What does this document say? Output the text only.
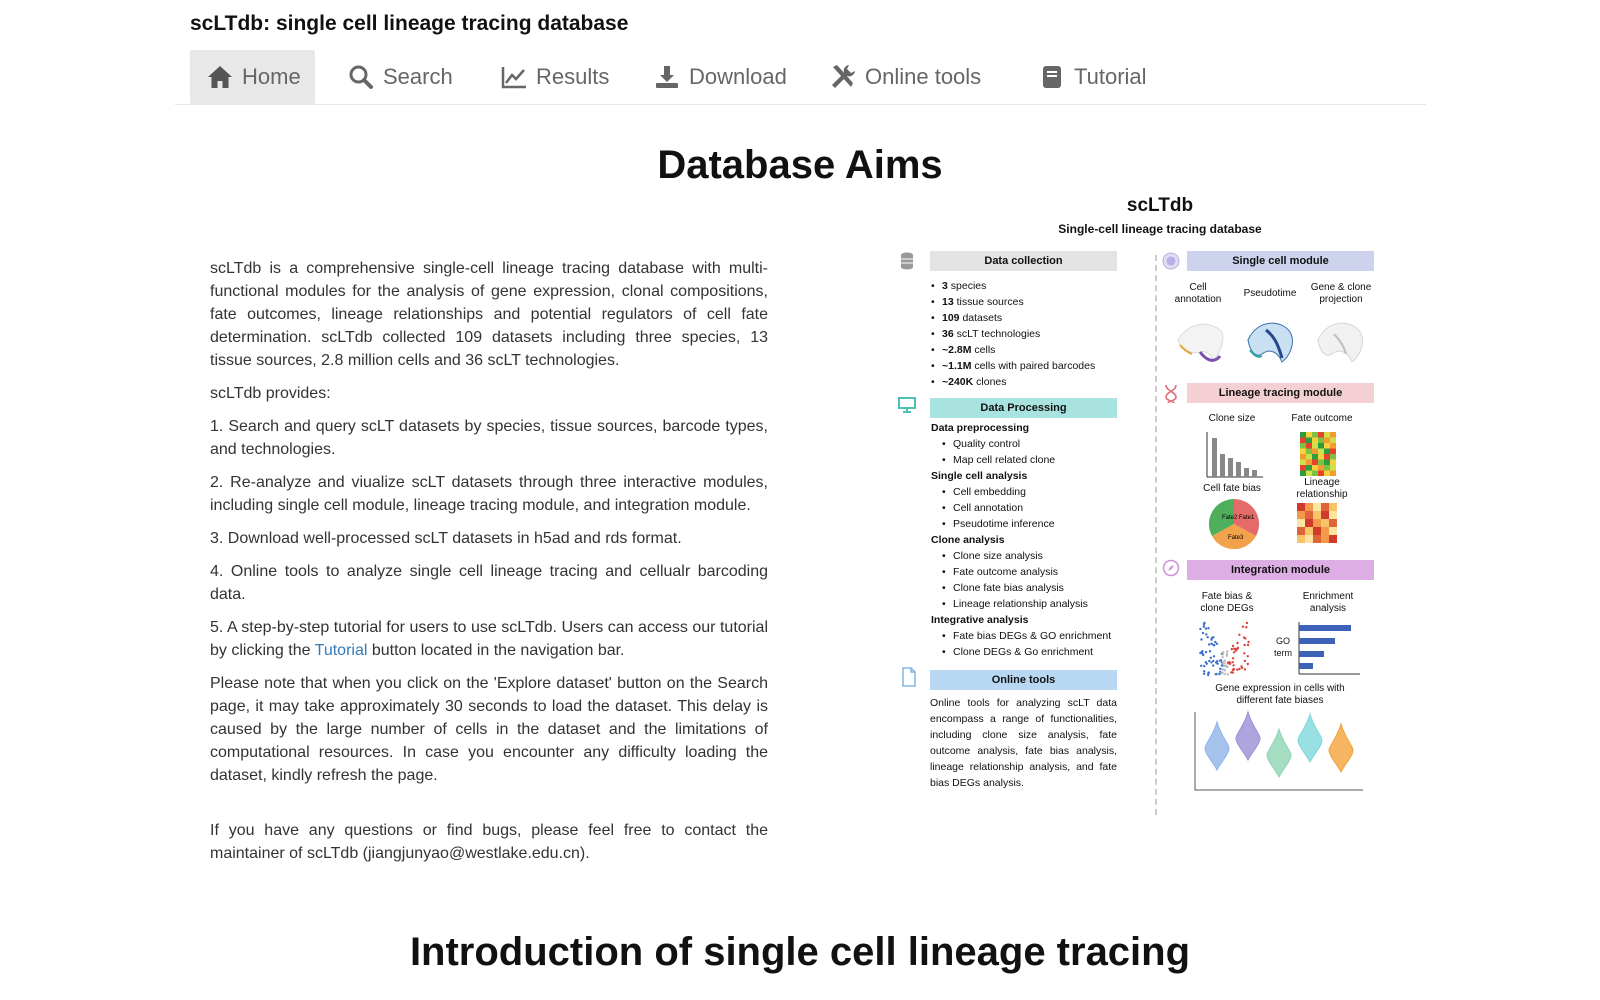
scLTdb: single cell lineage tracing database
Home	Search	Results	Download	Online tools	Tutorial
Database Aims

scLTdb is a comprehensive single-cell lineage tracing database with multi-functional modules for the analysis of gene expression, clonal compositions, fate outcomes, lineage relationships and potential regulators of cell fate determination. scLTdb collected 109 datasets including three species, 13 tissue sources, 2.8 million cells and 36 scLT technologies.

scLTdb provides:

1. Search and query scLT datasets by species, tissue sources, barcode types, and technologies.

2. Re-analyze and viualize scLT datasets through three interactive modules, including single cell module, lineage tracing module, and integration module.

3. Download well-processed scLT datasets in h5ad and rds format.

4. Online tools to analyze single cell lineage tracing and cellualr barcoding data.

5. A step-by-step tutorial for users to use scLTdb. Users can access our tutorial by clicking the Tutorial button located in the navigation bar.

Please note that when you click on the 'Explore dataset' button on the Search page, it may take approximately 30 seconds to load the dataset. This delay is caused by the large number of cells in the dataset and the limitations of computational resources. In case you encounter any difficulty loading the dataset, kindly refresh the page.

If you have any questions or find bugs, please feel free to contact the maintainer of scLTdb (jiangjunyao@westlake.edu.cn).

scLTdb
Single-cell lineage tracing database
Data collection
• 3 species
• 13 tissue sources
• 109 datasets
• 36 scLT technologies
• ~2.8M cells
• ~1.1M cells with paired barcodes
• ~240K clones
Data Processing
Data preprocessing
• Quality control
• Map cell related clone
Single cell analysis
• Cell embedding
• Cell annotation
• Pseudotime inference
Clone analysis
• Clone size analysis
• Fate outcome analysis
• Clone fate bias analysis
• Lineage relationship analysis
Integrative analysis
• Fate bias DEGs & GO enrichment
• Clone DEGs & Go enrichment
Online tools
Online tools for analyzing scLT data encompass a range of functionalities, including clone size analysis, fate outcome analysis, fate bias analysis, lineage relationship analysis, and fate bias DEGs analysis.
Single cell module
Cell annotation
Pseudotime
Gene & clone projection
Lineage tracing module
Clone size	Fate outcome
Cell fate bias
Lineage relationship
Fate2 Fate1
Fate3
Integration module
Fate bias & clone DEGs
Enrichment analysis
GO term
Gene expression in cells with different fate biases
Introduction of single cell lineage tracing
